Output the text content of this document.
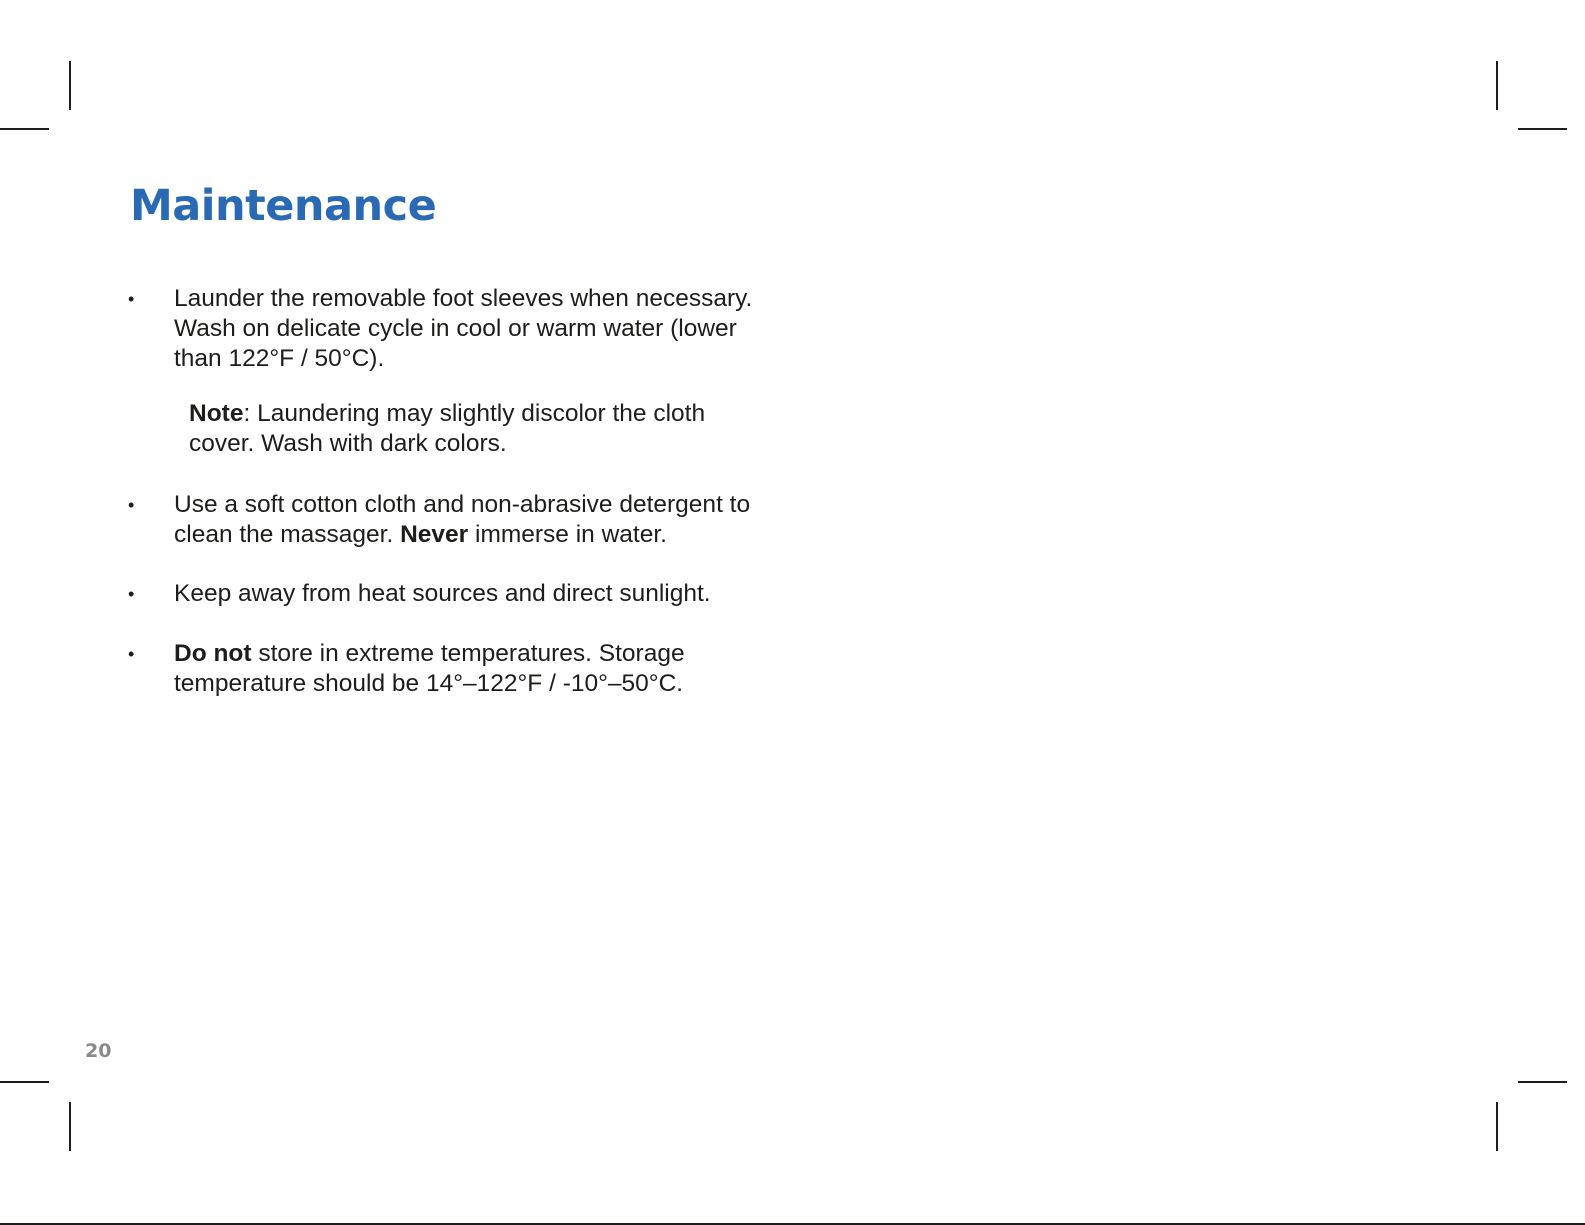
Maintenance
• Launder the removable foot sleeves when necessary. Wash on delicate cycle in cool or warm water (lower than 122°F / 50°C).
Note: Laundering may slightly discolor the cloth cover. Wash with dark colors.
• Use a soft cotton cloth and non-abrasive detergent to clean the massager. Never immerse in water.
• Keep away from heat sources and direct sunlight.
• Do not store in extreme temperatures. Storage temperature should be 14°–122°F / -10°–50°C.
20
